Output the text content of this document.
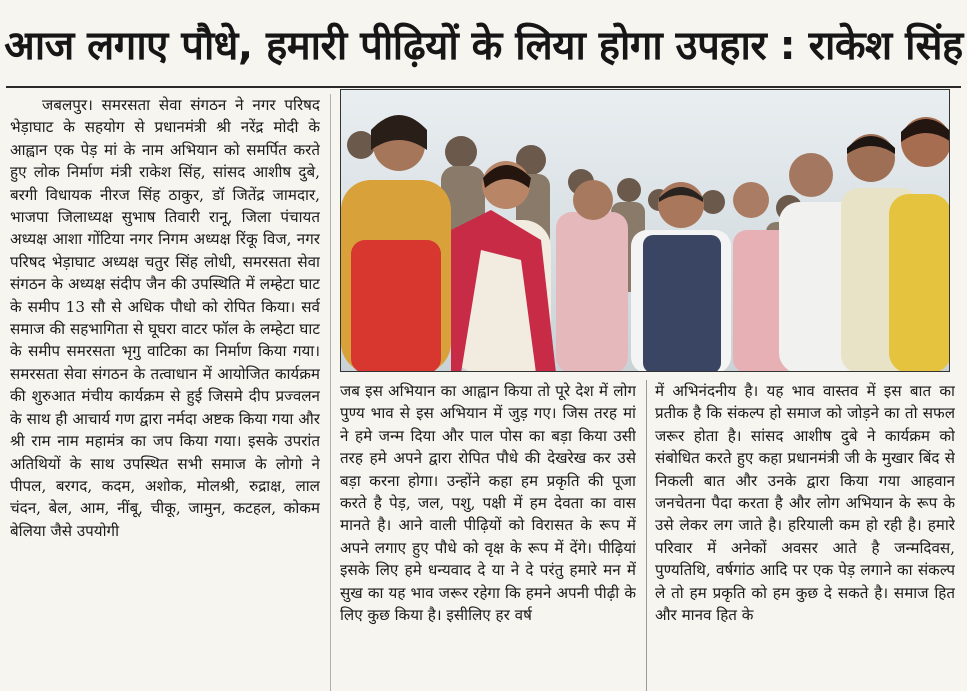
आज लगाए पौधे, हमारी पीढ़ियों के लिया होगा उपहार : राकेश सिंह

जबलपुर। समरसता सेवा संगठन ने नगर परिषद भेड़ाघाट के सहयोग से प्रधानमंत्री श्री नरेंद्र मोदी के आह्वान एक पेड़ मां के नाम अभियान को समर्पित करते हुए लोक निर्माण मंत्री राकेश सिंह, सांसद आशीष दुबे, बरगी विधायक नीरज सिंह ठाकुर, डॉ जितेंद्र जामदार, भाजपा जिलाध्यक्ष सुभाष तिवारी रानू, जिला पंचायत अध्यक्ष आशा गोंटिया नगर निगम अध्यक्ष रिंकू विज, नगर परिषद भेड़ाघाट अध्यक्ष चतुर सिंह लोधी, समरसता सेवा संगठन के अध्यक्ष संदीप जैन की उपस्थिति में लम्हेटा घाट के समीप 13 सौ से अधिक पौधो को रोपित किया। सर्व समाज की सहभागिता से घूघरा वाटर फॉल के लम्हेटा घाट के समीप समरसता भृगु वाटिका का निर्माण किया गया। समरसता सेवा संगठन के तत्वाधान में आयोजित कार्यक्रम की शुरुआत मंचीय कार्यक्रम से हुई जिसमे दीप प्रज्वलन के साथ ही आचार्य गण द्वारा नर्मदा अष्टक किया गया और श्री राम नाम महामंत्र का जप किया गया। इसके उपरांत अतिथियों के साथ उपस्थित सभी समाज के लोगो ने पीपल, बरगद, कदम, अशोक, मोलश्री, रुद्राक्ष, लाल चंदन, बेल, आम, नींबू, चीकू, जामुन, कटहल, कोकम बेलिया जैसे उपयोगी

जब इस अभियान का आह्वान किया तो पूरे देश में लोग पुण्य भाव से इस अभियान में जुड़ गए। जिस तरह मां ने हमे जन्म दिया और पाल पोस का बड़ा किया उसी तरह हमे अपने द्वारा रोपित पौधे की देखरेख कर उसे बड़ा करना होगा। उन्होंने कहा हम प्रकृति की पूजा करते है पेड़, जल, पशु, पक्षी में हम देवता का वास मानते है। आने वाली पीढ़ियों को विरासत के रूप में अपने लगाए हुए पौधे को वृक्ष के रूप में देंगे। पीढ़ियां इसके लिए हमे धन्यवाद दे या ने दे परंतु हमारे मन में सुख का यह भाव जरूर रहेगा कि हमने अपनी पीढ़ी के लिए कुछ किया है। इसीलिए हर वर्ष

में अभिनंदनीय है। यह भाव वास्तव में इस बात का प्रतीक है कि संकल्प हो समाज को जोड़ने का तो सफल जरूर होता है। सांसद आशीष दुबे ने कार्यक्रम को संबोधित करते हुए कहा प्रधानमंत्री जी के मुखार बिंद से निकली बात और उनके द्वारा किया गया आहवान जनचेतना पैदा करता है और लोग अभियान के रूप के उसे लेकर लग जाते है। हरियाली कम हो रही है। हमारे परिवार में अनेकों अवसर आते है जन्मदिवस, पुण्यतिथि, वर्षगांठ आदि पर एक पेड़ लगाने का संकल्प ले तो हम प्रकृति को हम कुछ दे सकते है। समाज हित और मानव हित के
